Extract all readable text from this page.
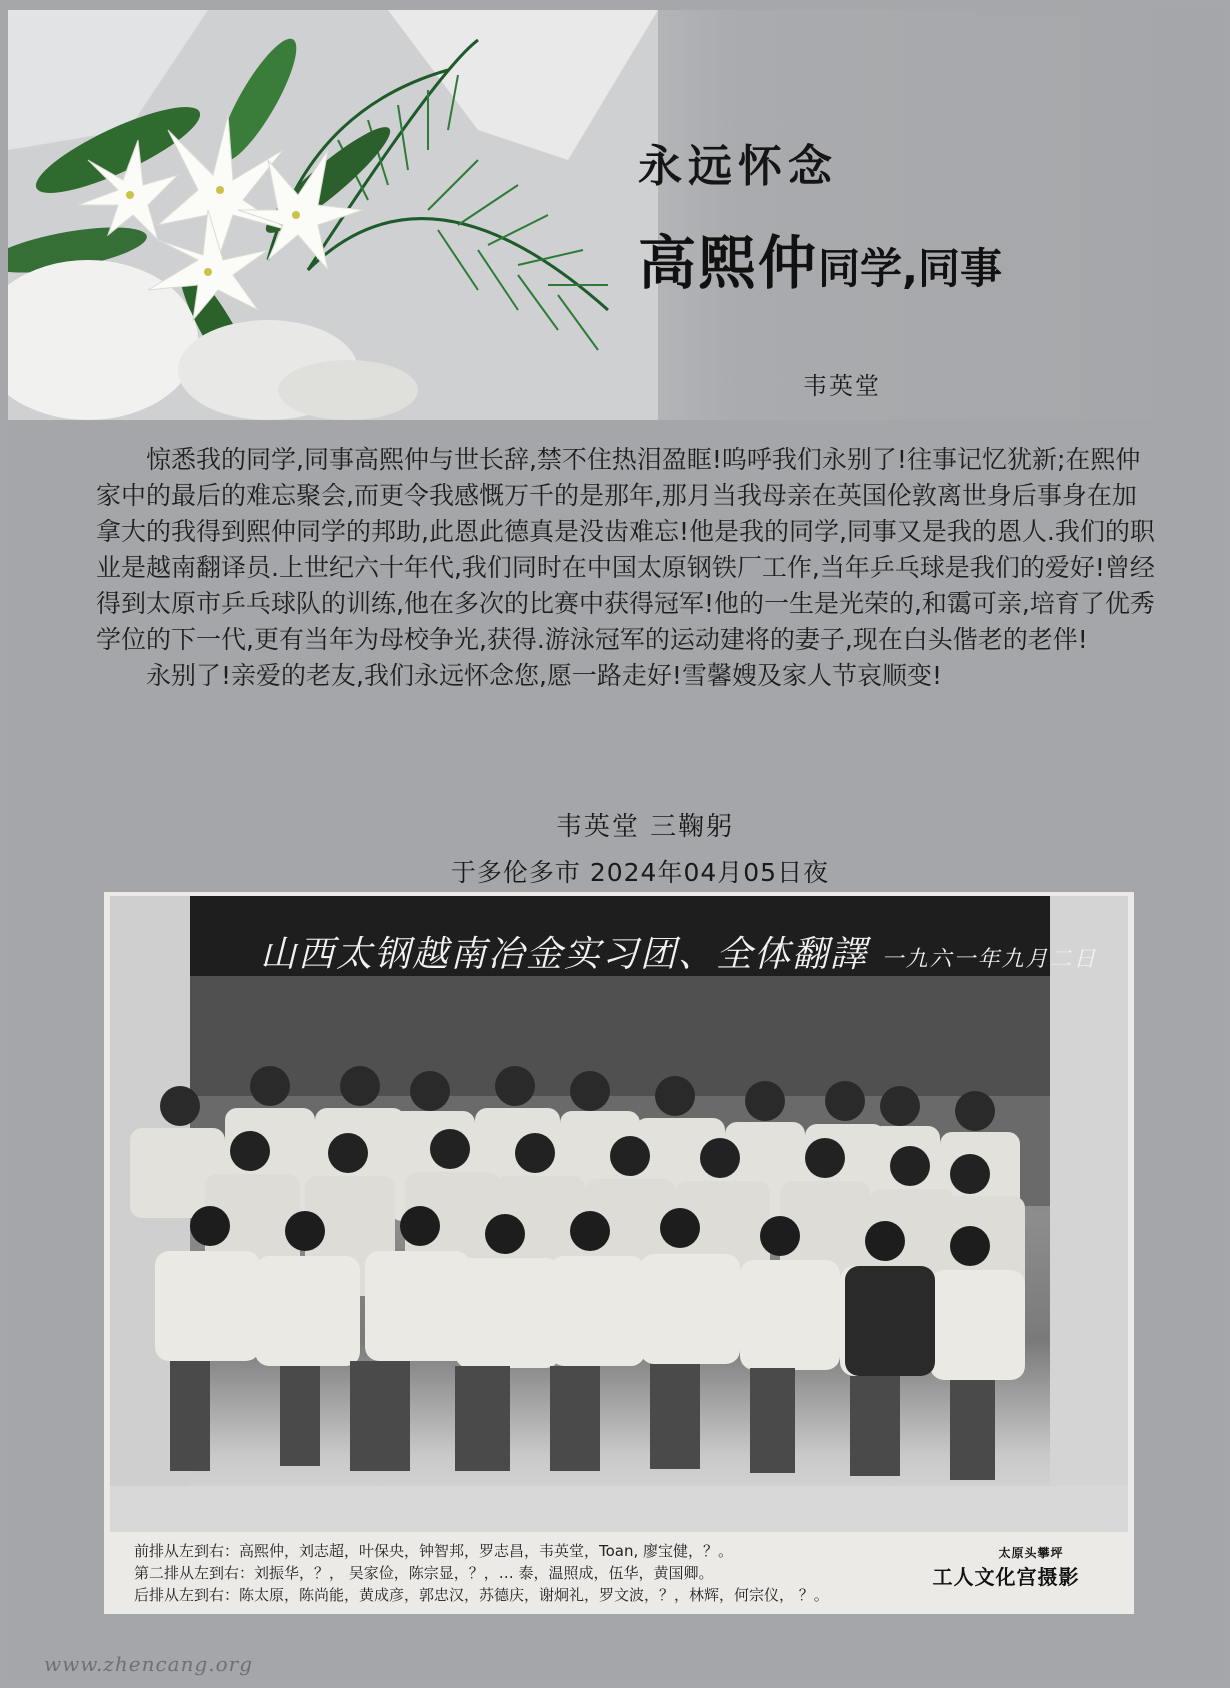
永远怀念
高熙仲同学,同事
韦英堂

惊悉我的同学,同事高熙仲与世长辞,禁不住热泪盈眶!呜呼我们永别了!往事记忆犹新;在熙仲家中的最后的难忘聚会,而更令我感慨万千的是那年,那月当我母亲在英国伦敦离世身后事身在加拿大的我得到熙仲同学的邦助,此恩此德真是没齿难忘!他是我的同学,同事又是我的恩人.我们的职业是越南翻译员.上世纪六十年代,我们同时在中国太原钢铁厂工作,当年乒乓球是我们的爱好!曾经得到太原市乒乓球队的训练,他在多次的比赛中获得冠军!他的一生是光荣的,和霭可亲,培育了优秀学位的下一代,更有当年为母校争光,获得.游泳冠军的运动建将的妻子,现在白头偕老的老伴!

永别了!亲爱的老友,我们永远怀念您,愿一路走好!雪馨嫂及家人节哀顺变!

韦英堂 三鞠躬
于多伦多市 2024年04月05日夜
山西太钢越南冶金实习团、全体翻譯 一九六一年九月二日
前排从左到右：高熙仲，刘志超，叶保央，钟智邦，罗志昌，韦英堂，Toan, 廖宝健，？。
第二排从左到右：刘振华，？， 吴家俭，陈宗显，？，… 泰，温照成，伍华，黄国卿。
后排从左到右：陈太原，陈尚能，黄成彦，郭忠汉，苏德庆，谢炯礼，罗文波，？，林辉，何宗仪， ？。
太原头攀坪
工人文化宫摄影
www.zhencang.org
